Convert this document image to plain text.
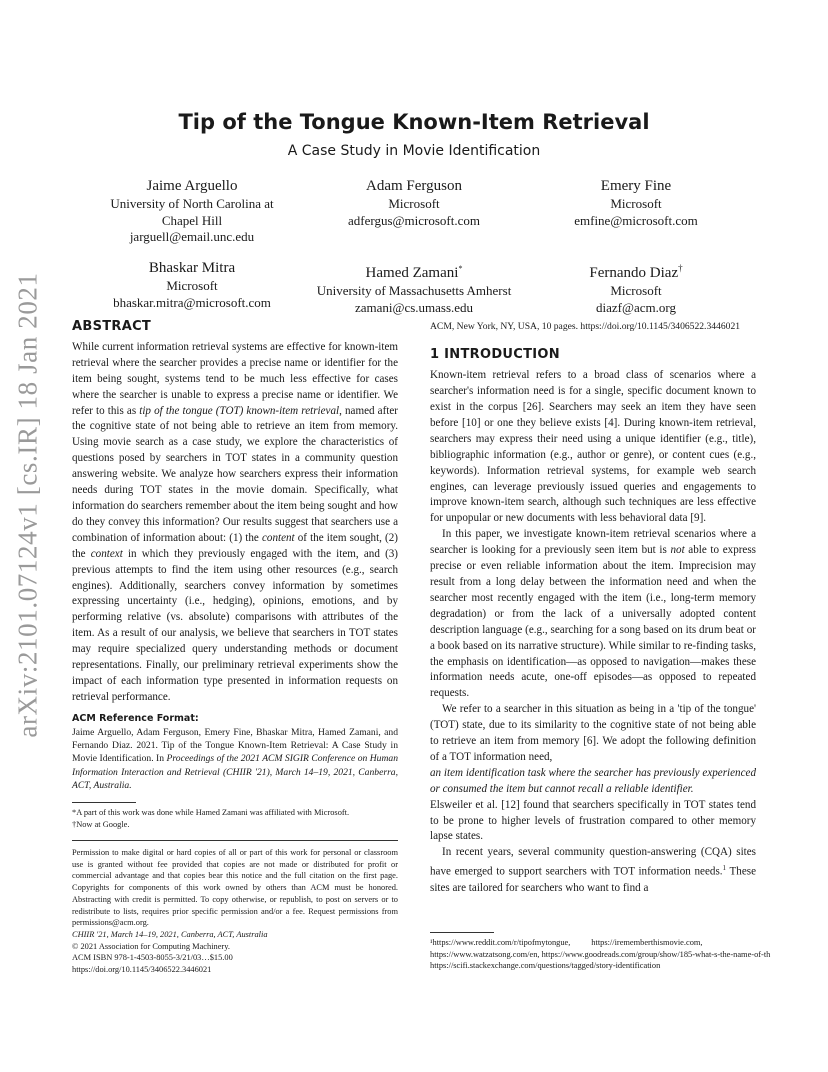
arXiv:2101.07124v1 [cs.IR] 18 Jan 2021
Tip of the Tongue Known-Item Retrieval
A Case Study in Movie Identification
Jaime Arguello
University of North Carolina at
Chapel Hill
jarguell@email.unc.edu
Adam Ferguson
Microsoft
adfergus@microsoft.com
Emery Fine
Microsoft
emfine@microsoft.com
Bhaskar Mitra
Microsoft
bhaskar.mitra@microsoft.com
Hamed Zamani*
University of Massachusetts Amherst
zamani@cs.umass.edu
Fernando Diaz†
Microsoft
diazf@acm.org
ABSTRACT

While current information retrieval systems are effective for known-item retrieval where the searcher provides a precise name or identifier for the item being sought, systems tend to be much less effective for cases where the searcher is unable to express a precise name or identifier. We refer to this as tip of the tongue (TOT) known-item retrieval, named after the cognitive state of not being able to retrieve an item from memory. Using movie search as a case study, we explore the characteristics of questions posed by searchers in TOT states in a community question answering website. We analyze how searchers express their information needs during TOT states in the movie domain. Specifically, what information do searchers remember about the item being sought and how do they convey this information? Our results suggest that searchers use a combination of information about: (1) the content of the item sought, (2) the context in which they previously engaged with the item, and (3) previous attempts to find the item using other resources (e.g., search engines). Additionally, searchers convey information by sometimes expressing uncertainty (i.e., hedging), opinions, emotions, and by performing relative (vs. absolute) comparisons with attributes of the item. As a result of our analysis, we believe that searchers in TOT states may require specialized query understanding methods or document representations. Finally, our preliminary retrieval experiments show the impact of each information type presented in information requests on retrieval performance.

ACM Reference Format:

Jaime Arguello, Adam Ferguson, Emery Fine, Bhaskar Mitra, Hamed Zamani, and Fernando Diaz. 2021. Tip of the Tongue Known-Item Retrieval: A Case Study in Movie Identification. In Proceedings of the 2021 ACM SIGIR Conference on Human Information Interaction and Retrieval (CHIIR '21), March 14–19, 2021, Canberra, ACT, Australia.

*A part of this work was done while Hamed Zamani was affiliated with Microsoft.
†Now at Google.

Permission to make digital or hard copies of all or part of this work for personal or classroom use is granted without fee provided that copies are not made or distributed for profit or commercial advantage and that copies bear this notice and the full citation on the first page. Copyrights for components of this work owned by others than ACM must be honored. Abstracting with credit is permitted. To copy otherwise, or republish, to post on servers or to redistribute to lists, requires prior specific permission and/or a fee. Request permissions from permissions@acm.org.

CHIIR '21, March 14–19, 2021, Canberra, ACT, Australia
© 2021 Association for Computing Machinery.
ACM ISBN 978-1-4503-8055-3/21/03…$15.00
https://doi.org/10.1145/3406522.3446021

ACM, New York, NY, USA, 10 pages. https://doi.org/10.1145/3406522.3446021

1 INTRODUCTION

Known-item retrieval refers to a broad class of scenarios where a searcher's information need is for a single, specific document known to exist in the corpus [26]. Searchers may seek an item they have seen before [10] or one they believe exists [4]. During known-item retrieval, searchers may express their need using a unique identifier (e.g., title), bibliographic information (e.g., author or genre), or content cues (e.g., keywords). Information retrieval systems, for example web search engines, can leverage previously issued queries and engagements to improve known-item search, although such techniques are less effective for unpopular or new documents with less behavioral data [9].

In this paper, we investigate known-item retrieval scenarios where a searcher is looking for a previously seen item but is not able to express precise or even reliable information about the item. Imprecision may result from a long delay between the information need and when the searcher most recently engaged with the item (i.e., long-term memory degradation) or from the lack of a universally adopted content description language (e.g., searching for a song based on its drum beat or a book based on its narrative structure). While similar to re-finding tasks, the emphasis on identification—as opposed to navigation—makes these information needs acute, one-off episodes—as opposed to repeated requests.

We refer to a searcher in this situation as being in a 'tip of the tongue' (TOT) state, due to its similarity to the cognitive state of not being able to retrieve an item from memory [6]. We adopt the following definition of a TOT information need,

an item identification task where the searcher has previously experienced or consumed the item but cannot recall a reliable identifier.

Elsweiler et al. [12] found that searchers specifically in TOT states tend to be prone to higher levels of frustration compared to other memory lapse states.

In recent years, several community question-answering (CQA) sites have emerged to support searchers with TOT information needs.$^1$ These sites are tailored for searchers who want to find a

¹https://www.reddit.com/r/tipofmytongue,          https://irememberthismovie.com,
https://www.watzatsong.com/en, https://www.goodreads.com/group/show/185-what-s-the-name-of-th
https://scifi.stackexchange.com/questions/tagged/story-identification
